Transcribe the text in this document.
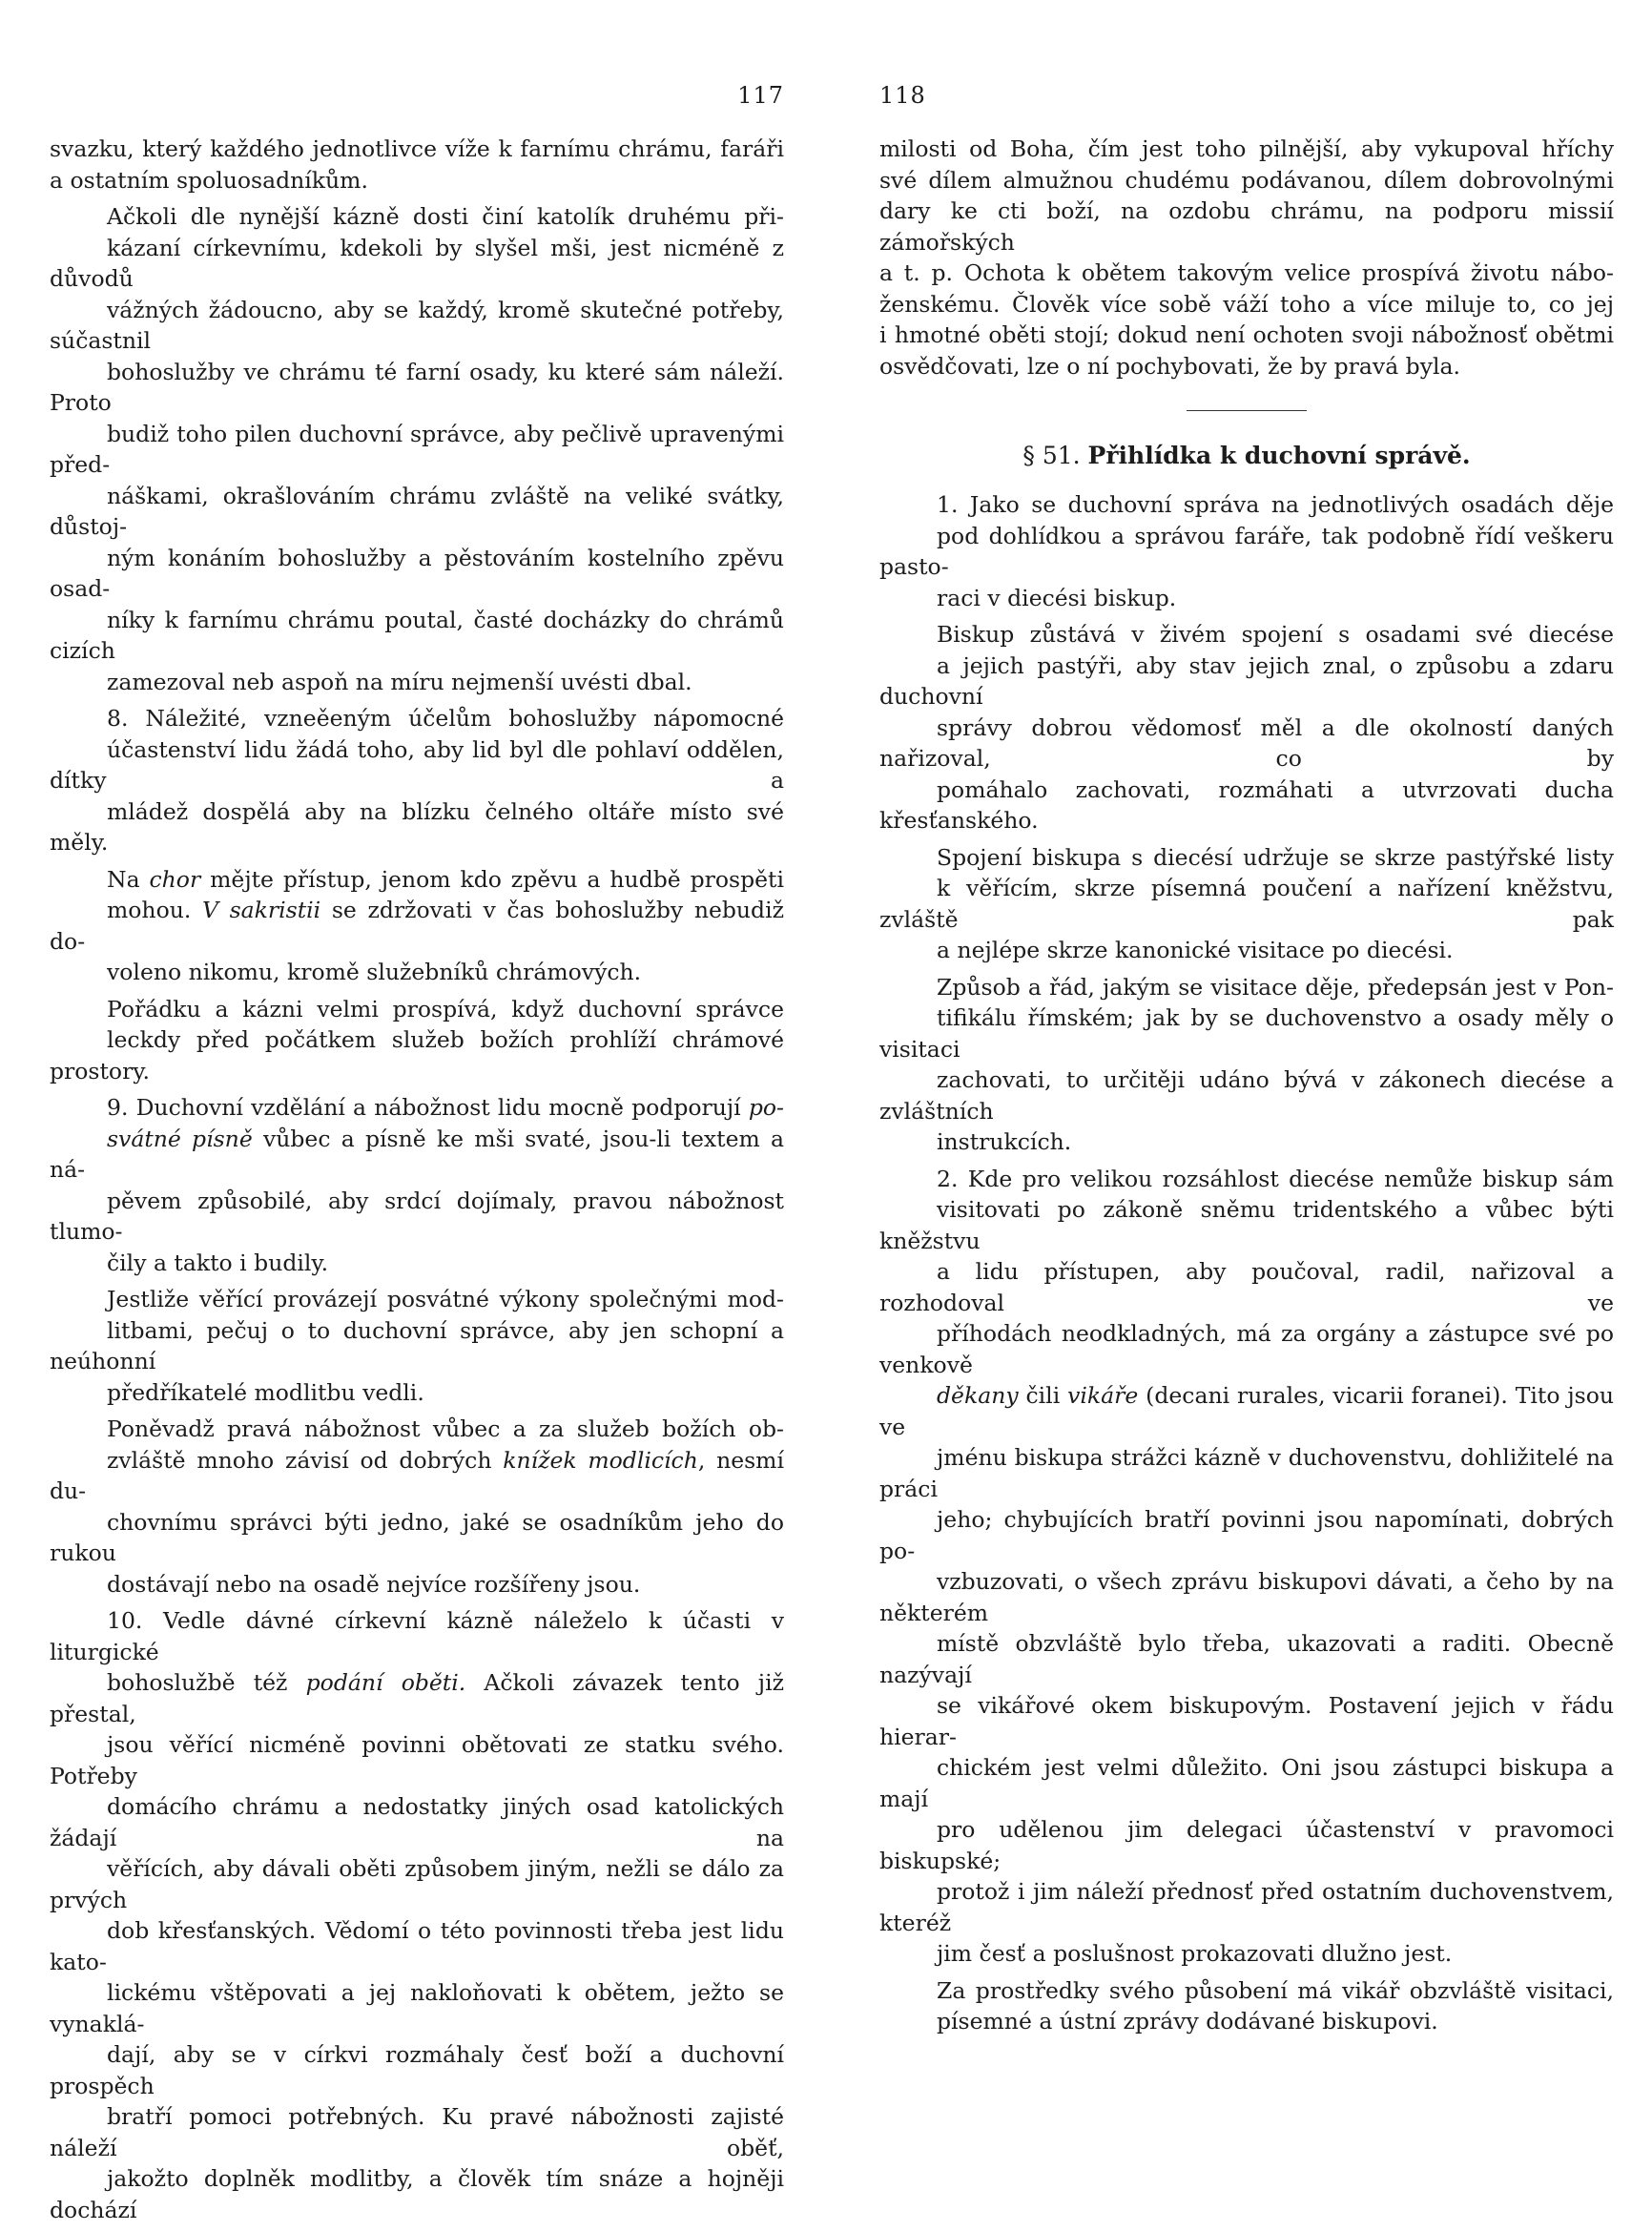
117
svazku, který každého jednotlivce víže k farnímu chrámu, faráři
a ostatním spoluosadníkům.
Ačkoli dle nynější kázně dosti činí katolík druhému při-
kázaní církevnímu, kdekoli by slyšel mši, jest nicméně z důvodů
vážných žádoucno, aby se každý, kromě skutečné potřeby, súčastnil
bohoslužby ve chrámu té farní osady, ku které sám náleží. Proto
budiž toho pilen duchovní správce, aby pečlivě upravenými před-
náškami, okrašlováním chrámu zvláště na veliké svátky, důstoj-
ným konáním bohoslužby a pěstováním kostelního zpěvu osad-
níky k farnímu chrámu poutal, časté docházky do chrámů cizích
zamezoval neb aspoň na míru nejmenší uvésti dbal.
8. Náležité, vzneěeným účelům bohoslužby nápomocné
účastenství lidu žádá toho, aby lid byl dle pohlaví oddělen, dítky a
mládež dospělá aby na blízku čelného oltáře místo své měly.
Na chor mějte přístup, jenom kdo zpěvu a hudbě prospěti
mohou. V sakristii se zdržovati v čas bohoslužby nebudiž do-
voleno nikomu, kromě služebníků chrámových.
Pořádku a kázni velmi prospívá, když duchovní správce
leckdy před počátkem služeb božích prohlíží chrámové prostory.
9. Duchovní vzdělání a nábožnost lidu mocně podporují po-
svátné písně vůbec a písně ke mši svaté, jsou-li textem a ná-
pěvem způsobilé, aby srdcí dojímaly, pravou nábožnost tlumo-
čily a takto i budily.
Jestliže věřící provázejí posvátné výkony společnými mod-
litbami, pečuj o to duchovní správce, aby jen schopní a neúhonní
předříkatelé modlitbu vedli.
Poněvadž pravá nábožnost vůbec a za služeb božích ob-
zvláště mnoho závisí od dobrých knížek modlicích, nesmí du-
chovnímu správci býti jedno, jaké se osadníkům jeho do rukou
dostávají nebo na osadě nejvíce rozšířeny jsou.
10. Vedle dávné církevní kázně náleželo k účasti v liturgické
bohoslužbě též podání oběti. Ačkoli závazek tento již přestal,
jsou věřící nicméně povinni obětovati ze statku svého. Potřeby
domácího chrámu a nedostatky jiných osad katolických žádají na
věřících, aby dávali oběti způsobem jiným, nežli se dálo za prvých
dob křesťanských. Vědomí o této povinnosti třeba jest lidu kato-
lickému vštěpovati a jej nakloňovati k obětem, ježto se vynaklá-
dají, aby se v církvi rozmáhaly česť boží a duchovní prospěch
bratří pomoci potřebných. Ku pravé nábožnosti zajisté náleží oběť,
jakožto doplněk modlitby, a člověk tím snáze a hojněji dochází
118
milosti od Boha, čím jest toho pilnější, aby vykupoval hříchy
své dílem almužnou chudému podávanou, dílem dobrovolnými
dary ke cti boží, na ozdobu chrámu, na podporu missií zámořských
a t. p. Ochota k obětem takovým velice prospívá životu nábo-
ženskému. Člověk více sobě váží toho a více miluje to, co jej
i hmotné oběti stojí; dokud není ochoten svoji nábožnosť obětmi
osvědčovati, lze o ní pochybovati, že by pravá byla.
§ 51. Přihlídka k duchovní správě.
1. Jako se duchovní správa na jednotlivých osadách děje
pod dohlídkou a správou faráře, tak podobně řídí veškeru pasto-
raci v diecési biskup.
Biskup zůstává v živém spojení s osadami své diecése
a jejich pastýři, aby stav jejich znal, o způsobu a zdaru duchovní
správy dobrou vědomosť měl a dle okolností daných nařizoval, co by
pomáhalo zachovati, rozmáhati a utvrzovati ducha křesťanského.
Spojení biskupa s diecésí udržuje se skrze pastýřské listy
k věřícím, skrze písemná poučení a nařízení kněžstvu, zvláště pak
a nejlépe skrze kanonické visitace po diecési.
Způsob a řád, jakým se visitace děje, předepsán jest v Pon-
tifikálu římském; jak by se duchovenstvo a osady měly o visitaci
zachovati, to určitěji udáno bývá v zákonech diecése a zvláštních
instrukcích.
2. Kde pro velikou rozsáhlost diecése nemůže biskup sám
visitovati po zákoně sněmu tridentského a vůbec býti kněžstvu
a lidu přístupen, aby poučoval, radil, nařizoval a rozhodoval ve
příhodách neodkladných, má za orgány a zástupce své po venkově
děkany čili vikáře (decani rurales, vicarii foranei). Tito jsou ve
jménu biskupa strážci kázně v duchovenstvu, dohližitelé na práci
jeho; chybujících bratří povinni jsou napomínati, dobrých po-
vzbuzovati, o všech zprávu biskupovi dávati, a čeho by na některém
místě obzvláště bylo třeba, ukazovati a raditi. Obecně nazývají
se vikářové okem biskupovým. Postavení jejich v řádu hierar-
chickém jest velmi důležito. Oni jsou zástupci biskupa a mají
pro udělenou jim delegaci účastenství v pravomoci biskupské;
protož i jim náleží přednosť před ostatním duchovenstvem, kteréž
jim česť a poslušnost prokazovati dlužno jest.
Za prostředky svého působení má vikář obzvláště visitaci,
písemné a ústní zprávy dodávané biskupovi.
